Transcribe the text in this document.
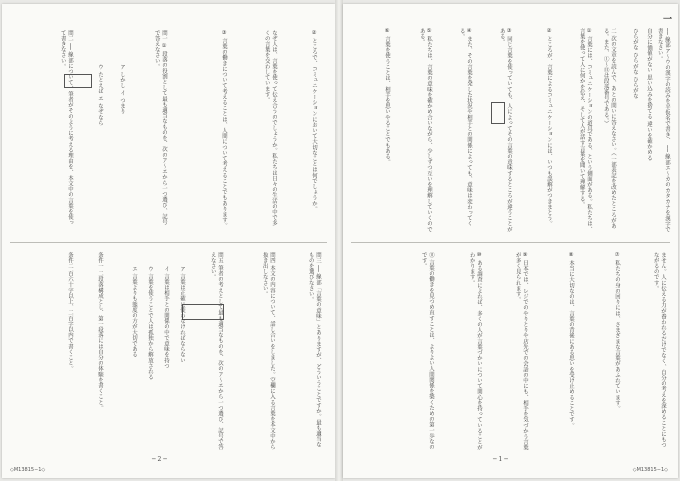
② ところで、コミュニケーションにおいて大切なことは何でしょうか。
なぜ人は、言葉を使って伝え合うのでしょうか。私たちは日々の生活の中で多くの言葉を交わしています。
③ 言葉の働きについて考えることは、人間について考えることでもあります。
問一 ① 段落の役割として最も適当なものを、次のア〜エから一つ選び、記号で答えなさい。
ア しかし イ つまり
ウ たとえば エ なぜなら
問二 ── 線部について、筆者がそのように考える理由を、本文中の言葉を使って書きなさい。
問三 ── 線部「言葉の意味」とありますが、どういうことですか。最も適当なものを選びなさい。
問四 本文の内容について、話し合いをしました。空欄に入る言葉を本文中から抜き出しなさい。
問五 筆者の考えとして最も適当なものを、次のア〜エから一つ選び、記号で答えなさい。
ア 言葉は正確に使わなければならない
イ 言葉は相手との関係の中で意味を持つ
ウ 言葉を使うことで人は孤独から解放される
エ 言葉よりも態度の方が大切である
条件一 二段落構成とし、第一段落には自分の体験を書くこと。
条件二 百六十字以上、二百字以内で書くこと。
─ 2 ─
◇M13815−1◇
一
── 線部ア〜ウの漢字の読みを平仮名で書き、 ── 線部エ〜カのカタカナを漢字で書きなさい。
自分に価値がない 思い込みを捨てる 違いを確かめる
ひらがな ひらがな ひらがな
二 次の文章を読んで、あとの問いに答えなさい。（一部表記を改めたところがある。また、①〜⑪は段落番号である。）
① 言葉には、コミュニケーションの道具である、という側面がある。私たちは、言葉を使って人に何かを伝え、そして人が話す言葉を聞いて理解する。
② ところが、言葉によるコミュニケーションには、いつも誤解がつきまとう。
③ 同じ言葉を使っていても、人によってその言葉の意味するところが違うことがある。
④ また、その言葉を発した状況や相手との関係によっても、意味は変わってくる。
⑤ 私たちは、言葉の意味を確かめ合いながら、少しずつ互いを理解していくのである。
⑥ 言葉を使うことは、相手を思いやることでもある。
ません。人に伝える力が養われるだけでなく、自分の考えを深めることにもつながるのです。
⑦ 私たちの身の回りには、さまざまな言葉があふれています。
⑧ 本当に大切なのは、言葉の背後にある思いを受け止めることです。
⑨ 日本では、レジでのやりとりや店先での会話の中にも、相手を気づかう言葉が多く見られます。
⑩ ある調査によれば、多くの人が言葉づかいについて関心を持っていることがわかります。
⑪ 言葉の働きを見つめ直すことは、よりよい人間関係を築くための第一歩なのです。
─ 1 ─
◇M13815−1◇
